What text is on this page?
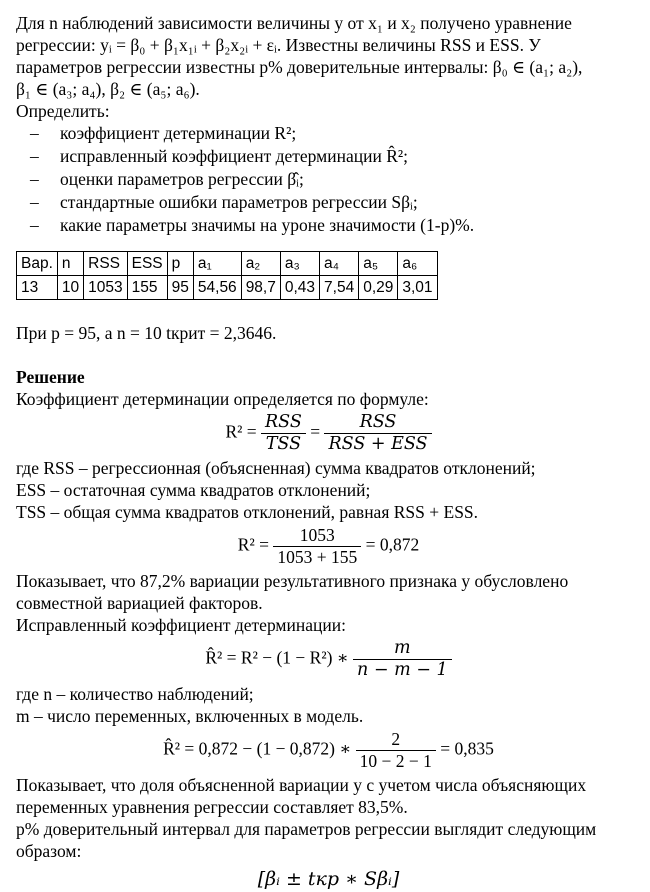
Для n наблюдений зависимости величины y от x₁ и x₂ получено уравнение

регрессии: yᵢ = β₀ + β₁x₁ᵢ + β₂x₂ᵢ + εᵢ. Известны величины RSS и ESS. У

параметров регрессии известны p% доверительные интервалы: β₀ ∈ (a₁; a₂),

β₁ ∈ (a₃; a₄), β₂ ∈ (a₅; a₆).

Определить:

– коэффициент детерминации R²;
– исправленный коэффициент детерминации R̂²;
– оценки параметров регрессии β̂ᵢ;
– стандартные ошибки параметров регрессии Sβᵢ;
– какие параметры значимы на уроне значимости (1-p)%.
Вар.	n	RSS	ESS	p	a₁	a₂	a₃	a₄	a₅	a₆
13	10	1053	155	95	54,56	98,7	0,43	7,54	0,29	3,01

При p = 95, а n = 10 tкрит = 2,3646.

Решение

Коэффициент детерминации определяется по формуле:

$R^2 = \frac{\text{RSS}}{\text{TSS}} = \frac{\text{RSS}}{\text{RSS + ESS}}$

где RSS – регрессионная (объясненная) сумма квадратов отклонений;

ESS – остаточная сумма квадратов отклонений;

TSS – общая сумма квадратов отклонений, равная RSS + ESS.

$R^2 = \frac{1053}{1053 + 155} = 0,872$

Показывает, что 87,2% вариации результативного признака y обусловлено

совместной вариацией факторов.

Исправленный коэффициент детерминации:

R̂² = R² − (1 − R²) ∗ $\frac{m}{n - m - 1}$

где n – количество наблюдений;

m – число переменных, включенных в модель.

R̂² = 0,872 − (1 − 0,872) ∗ $\frac{2}{10 - 2 - 1} = 0,835$

Показывает, что доля объясненной вариации y с учетом числа объясняющих

переменных уравнения регрессии составляет 83,5%.

p% доверительный интервал для параметров регрессии выглядит следующим

образом:

[βᵢ ± tкр ∗ Sβᵢ]
